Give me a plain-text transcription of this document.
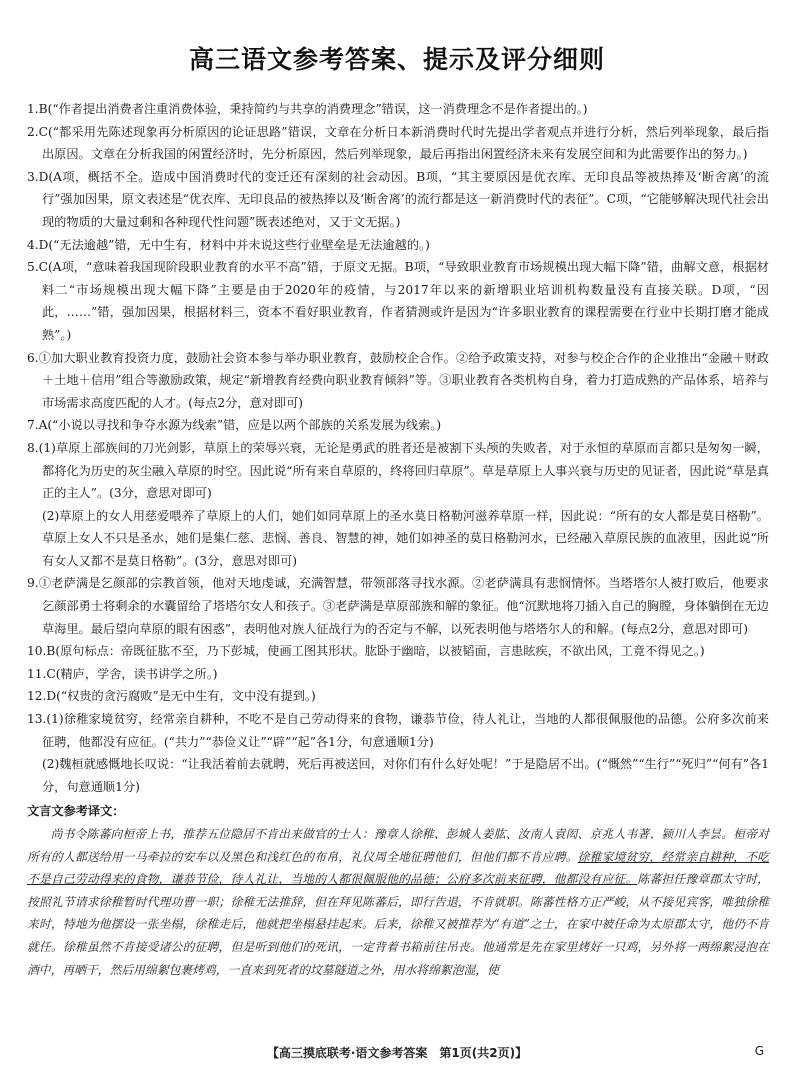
高三语文参考答案、提示及评分细则

1.B(“作者提出消费者注重消费体验，秉持简约与共享的消费理念”错误，这一消费理念不是作者提出的。)

2.C(“都采用先陈述现象再分析原因的论证思路”错误，文章在分析日本新消费时代时先提出学者观点并进行分析，然后列举现象，最后指出原因。文章在分析我国的闲置经济时，先分析原因，然后列举现象，最后再指出闲置经济未来有发展空间和为此需要作出的努力。)

3.D(A项，概括不全。造成中国消费时代的变迁还有深刻的社会动因。B项，“其主要原因是优衣库、无印良品等被热捧及‘断舍离’的流行”强加因果，原文表述是“优衣库、无印良品的被热捧以及‘断舍离’的流行都是这一新消费时代的表征”。C项，“它能够解决现代社会出现的物质的大量过剩和各种现代性问题”既表述绝对，又于文无据。)

4.D(“无法逾越”错，无中生有，材料中并未说这些行业壁垒是无法逾越的。)

5.C(A项，“意味着我国现阶段职业教育的水平不高”错，于原文无据。B项，“导致职业教育市场规模出现大幅下降”错，曲解文意，根据材料二“市场规模出现大幅下降”主要是由于2020年的疫情，与2017年以来的新增职业培训机构数量没有直接关联。D项，“因此，……”错，强加因果，根据材料三，资本不看好职业教育，作者猜测或许是因为“许多职业教育的课程需要在行业中长期打磨才能成熟”。)

6.①加大职业教育投资力度，鼓励社会资本参与举办职业教育，鼓励校企合作。②给予政策支持，对参与校企合作的企业推出“金融＋财政＋土地＋信用”组合等激励政策，规定“新增教育经费向职业教育倾斜”等。③职业教育各类机构自身，着力打造成熟的产品体系，培养与市场需求高度匹配的人才。(每点2分，意对即可)

7.A(“小说以寻找和争夺水源为线索”错，应是以两个部族的关系发展为线索。)

8.(1)草原上部族间的刀光剑影，草原上的荣辱兴衰，无论是勇武的胜者还是被割下头颅的失败者，对于永恒的草原而言都只是匆匆一瞬，都将化为历史的灰尘融入草原的时空。因此说“所有来自草原的，终将回归草原”。草是草原上人事兴衰与历史的见证者，因此说“草是真正的主人”。(3分，意思对即可)

(2)草原上的女人用慈爱喂养了草原上的人们，她们如同草原上的圣水莫日格勒河滋养草原一样，因此说：“所有的女人都是莫日格勒”。草原上女人不只是圣水，她们是集仁慈、悲悯、善良、智慧的神，她们如神圣的莫日格勒河水，已经融入草原民族的血液里，因此说“所有女人又都不是莫日格勒”。(3分，意思对即可)

9.①老萨满是乞颜部的宗教首领，他对天地虔诚，充满智慧，带领部落寻找水源。②老萨满具有悲悯情怀。当塔塔尔人被打败后，他要求乞颜部勇士将剩余的水囊留给了塔塔尔女人和孩子。③老萨满是草原部族和解的象征。他“沉默地将刀插入自己的胸膛，身体躺倒在无边草海里。最后望向草原的眼有困惑”，表明他对族人征战行为的否定与不解，以死表明他与塔塔尔人的和解。(每点2分，意思对即可)

10.B(原句标点：帝既征肱不至，乃下彭城，使画工图其形状。肱卧于幽暗，以被韬面，言患眩疾，不欲出风，工竟不得见之。)

11.C(精庐，学舍，读书讲学之所。)

12.D(“权贵的贪污腐败”是无中生有，文中没有提到。)

13.(1)徐稚家境贫穷，经常亲自耕种，不吃不是自己劳动得来的食物，谦恭节俭，待人礼让，当地的人都很佩服他的品德。公府多次前来征聘，他都没有应征。(“共力”“恭俭义让”“辟”“起”各1分，句意通顺1分)

(2)魏桓就感慨地长叹说：“让我活着前去就聘，死后再被送回，对你们有什么好处呢！”于是隐居不出。(“慨然”“生行”“死归”“何有”各1分，句意通顺1分)

文言文参考译文：

尚书令陈蕃向桓帝上书，推荐五位隐居不肯出来做官的士人：豫章人徐稚、彭城人姜肱、汝南人袁闳、京兆人韦著、颍川人李昙。桓帝对所有的人都送给用一马牵拉的安车以及黑色和浅红色的布帛，礼仪周全地征聘他们，但他们都不肯应聘。徐稚家境贫穷，经常亲自耕种，不吃不是自己劳动得来的食物，谦恭节俭，待人礼让，当地的人都很佩服他的品德；公府多次前来征聘，他都没有应征。陈蕃担任豫章郡太守时，按照礼节请求徐稚暂时代理功曹一职；徐稚无法推辞，但在拜见陈蕃后，即行告退，不肯就职。陈蕃性格方正严峻，从不接见宾客，唯独徐稚来时，特地为他摆设一张坐榻，徐稚走后，他就把坐榻悬挂起来。后来，徐稚又被推荐为“有道”之士，在家中被任命为太原郡太守，他仍不肯就任。徐稚虽然不肯接受诸公的征聘，但是听到他们的死讯，一定背着书箱前往吊丧。他通常是先在家里烤好一只鸡，另外将一两绵絮浸泡在酒中，再晒干，然后用绵絮包裹烤鸡，一直来到死者的坟墓隧道之外，用水将绵絮泡湿，使

【高三摸底联考·语文参考答案　第1页(共2页)】	G
